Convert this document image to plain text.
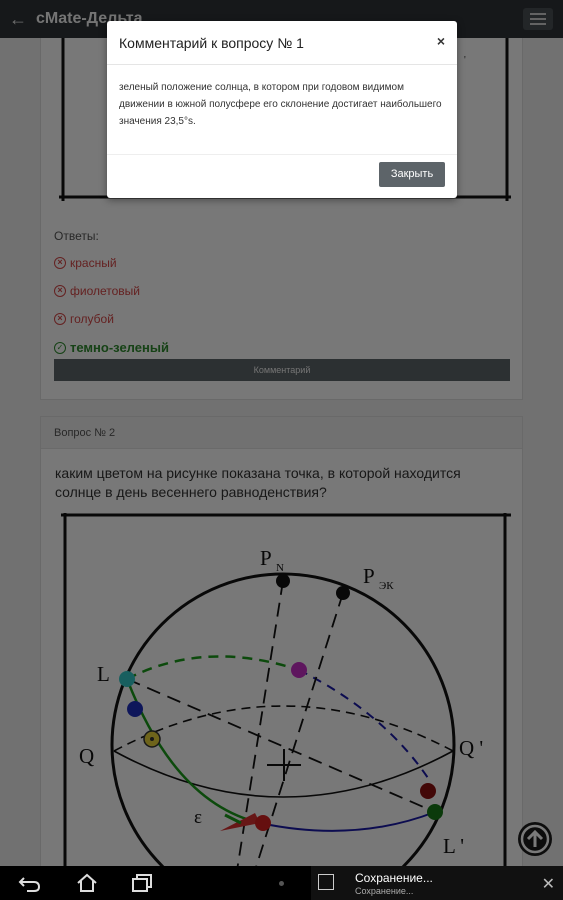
Комментарий к вопросу № 1	×
зеленый положение солнца, в котором при годовом видимом движении в южной полусфере его склонение достигает наибольшего значения 23,5°s.
Закрыть
Сохранение...
Сохранение...	✕
